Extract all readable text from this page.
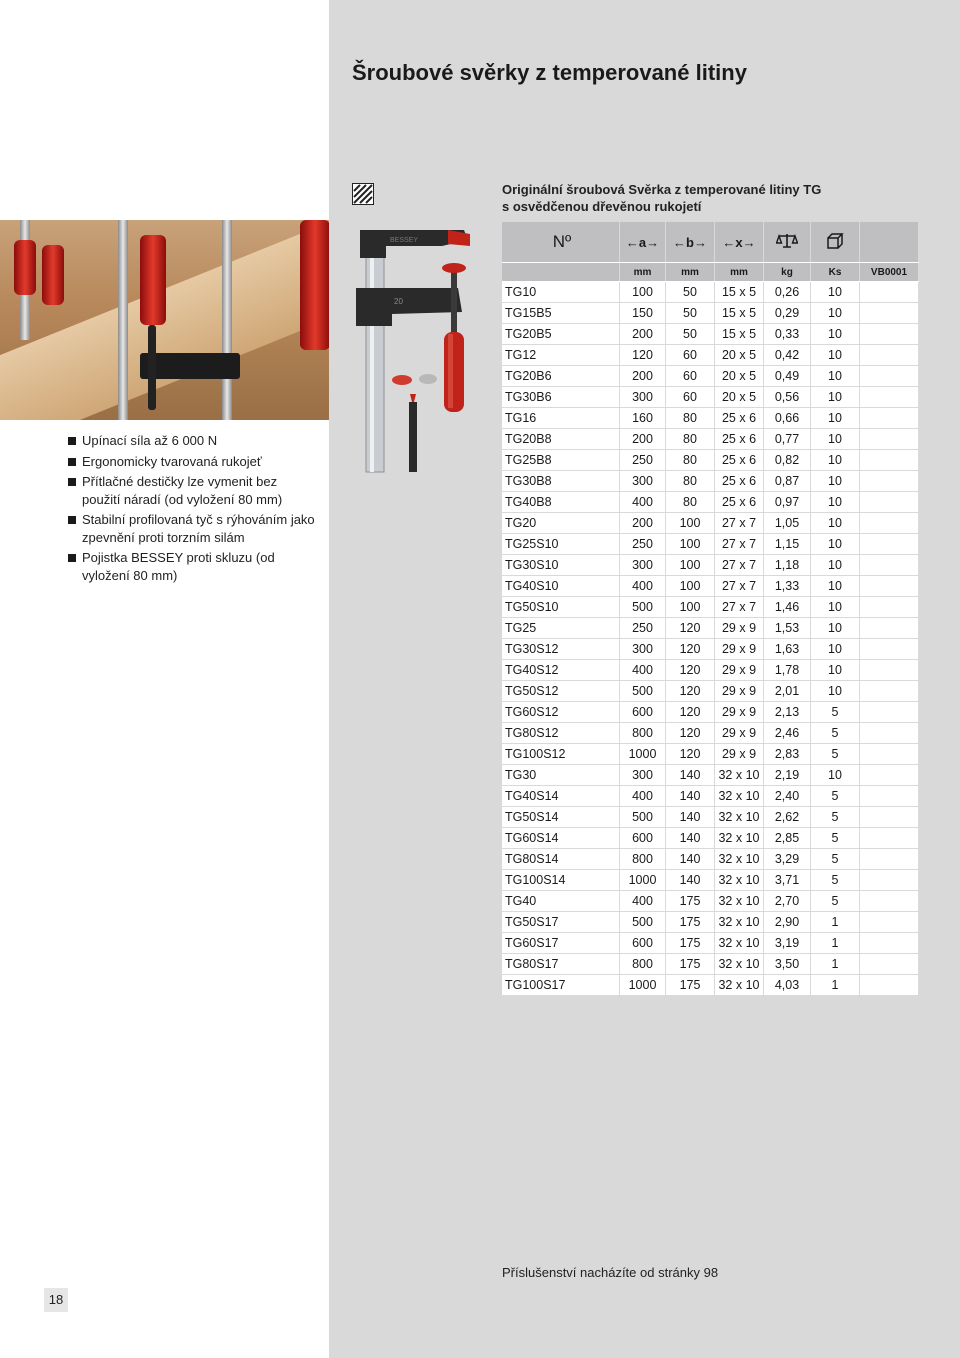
Šroubové svěrky z temperované litiny
Upínací síla až 6 000 N
Ergonomicky tvarovaná rukojeť
Přítlačné destičky lze vymenit bez použití náradí (od vyložení 80 mm)
Stabilní profilovaná tyč s rýhováním jako zpevnění proti torzním silám
Pojistka BESSEY proti skluzu (od vyložení 80 mm)
BESSEY
20
Originální šroubová Svěrka z temperované litiny TG
s osvědčenou dřevěnou rukojetí
Nº	←a→	←b→	←x→			
	mm	mm	mm	kg	Ks	VB0001
TG10	100	50	15 x 5	0,26	10	
TG15B5	150	50	15 x 5	0,29	10	
TG20B5	200	50	15 x 5	0,33	10	
TG12	120	60	20 x 5	0,42	10	
TG20B6	200	60	20 x 5	0,49	10	
TG30B6	300	60	20 x 5	0,56	10	
TG16	160	80	25 x 6	0,66	10	
TG20B8	200	80	25 x 6	0,77	10	
TG25B8	250	80	25 x 6	0,82	10	
TG30B8	300	80	25 x 6	0,87	10	
TG40B8	400	80	25 x 6	0,97	10	
TG20	200	100	27 x 7	1,05	10	
TG25S10	250	100	27 x 7	1,15	10	
TG30S10	300	100	27 x 7	1,18	10	
TG40S10	400	100	27 x 7	1,33	10	
TG50S10	500	100	27 x 7	1,46	10	
TG25	250	120	29 x 9	1,53	10	
TG30S12	300	120	29 x 9	1,63	10	
TG40S12	400	120	29 x 9	1,78	10	
TG50S12	500	120	29 x 9	2,01	10	
TG60S12	600	120	29 x 9	2,13	5	
TG80S12	800	120	29 x 9	2,46	5	
TG100S12	1000	120	29 x 9	2,83	5	
TG30	300	140	32 x 10	2,19	10	
TG40S14	400	140	32 x 10	2,40	5	
TG50S14	500	140	32 x 10	2,62	5	
TG60S14	600	140	32 x 10	2,85	5	
TG80S14	800	140	32 x 10	3,29	5	
TG100S14	1000	140	32 x 10	3,71	5	
TG40	400	175	32 x 10	2,70	5	
TG50S17	500	175	32 x 10	2,90	1	
TG60S17	600	175	32 x 10	3,19	1	
TG80S17	800	175	32 x 10	3,50	1	
TG100S17	1000	175	32 x 10	4,03	1	
Příslušenství nacházíte od stránky 98
18
